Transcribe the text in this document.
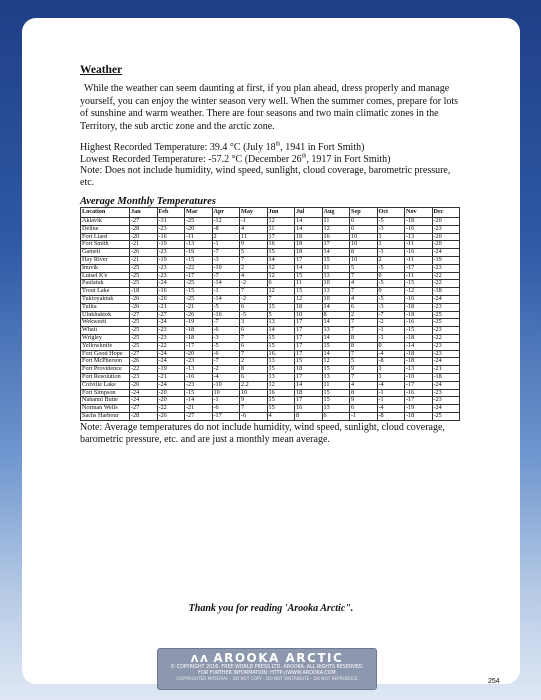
Weather

While the weather can seem daunting at first, if you plan ahead, dress properly and manage yourself, you can enjoy the winter season very well. When the summer comes, prepare for lots of sunshine and warm weather. There are four seasons and two main climatic zones in the Territory, the sub arctic zone and the arctic zone.

Highest Recorded Temperature: 39.4 °C (July 18th, 1941 in Fort Smith)
Lowest Recorded Temperature: -57.2 °C (December 26th, 1917 in Fort Smith)
Note: Does not include humidity, wind speed, sunlight, cloud coverage, barometric pressure, etc.
Average Monthly Temperatures
Location	Jan	Feb	Mar	Apr	May	Jun	Jul	Aug	Sep	Oct	Nov	Dec
Aklavik	-27	-31	-25	-12	-1	12	14	11	6	-5	-18	-20
Déline	-28	-23	-20	-8	4	11	14	12	6	-3	-16	-23
Fort Liard	-20	-16	-11	2	11	17	18	16	10	1	-13	-20
Fort Smith	-21	-19	-13	-1	9	16	18	17	10	1	-11	-20
Gamèti	-26	-23	-19	-7	5	15	18	14	8	-1	-16	-24
Hay River	-21	-19	-15	-3	7	14	17	15	10	2	-11	-19
Inuvik	-25	-23	-22	-10	2	12	14	11	5	-5	-17	-23
Lutsel K'e	-25	-23	-17	-7	4	12	15	13	7	0	-11	-22
Paulatuk	-25	-24	-25	-14	-2	6	11	10	4	-5	-15	-22
Trout Lake	-18	-16	-15	-1	7	12	15	13	7	0	-12	-18
Tuktoyaktuk	-26	-26	-25	-14	-2	7	12	10	4	-5	-16	-24
Tulita	-26	-21	-21	-5	6	15	18	14	6	-3	-18	-23
Ulukhaktok	-27	-27	-26	-16	-5	5	10	8	2	-7	-18	-25
Wekweèti	-25	-24	-19	-7	3	13	17	14	7	-2	-16	-25
Whatì	-25	-23	-18	-6	6	14	17	13	7	-1	-15	-23
Wrigley	-25	-23	-18	-3	7	15	17	14	8	-1	-18	-22
Yellowknife	-25	-22	-17	-5	6	15	17	15	8	0	-14	-23
Fort Good Hope	-27	-24	-20	-6	7	16.	17	14	7	-4	-18	-23
Fort McPherson	-26	-24	-23	-7	2	13	15	12	5	-8	-18	-24
Fort Providence	-22	-19	-13	-2	8	15	18	15	9	1	-13	-21
Fort Resolution	-23	-21	-16	-4	6	13	17	13	7	1	-10	-18
Colville Lake	-26	-24	-23	-10	2.2	12	14	11	4	-4	-17	-24
Fort Simpson	-24	-20	-15	10	10	16	18	15	8	-1	-16	-23
Nahanni Butte	-24	-20	-14	-1	9	15	17	15	9	-1	-17	-23
Norman Wells	-27	-22	-21	-6	7	15	16	13	6	-4	-19	-24
Sachs Harbour	-28	-26	-27	-17	-6	4	8	6	-1	-8	-18	-25
Note: Average temperatures do not include humidity, wind speed, sunlight, cloud coverage, barometric pressure, etc. and are just a monthly mean average.
Thank you for reading 'Arooka Arctic".
ʌʌ AROOKA ARCTIC
© COPYRIGHT 2016. FREE WORLD PRESS LTD. AROOKA. ALL RIGHTS RESERVED.
FOR FURTHER INFORMATION: HTTP://WWW.AROOKA.COM
COPYRIGHTED MATERIAL - DO NOT COPY - DO NOT DISTRIBUTE - DO NOT REPRODUCE	254
